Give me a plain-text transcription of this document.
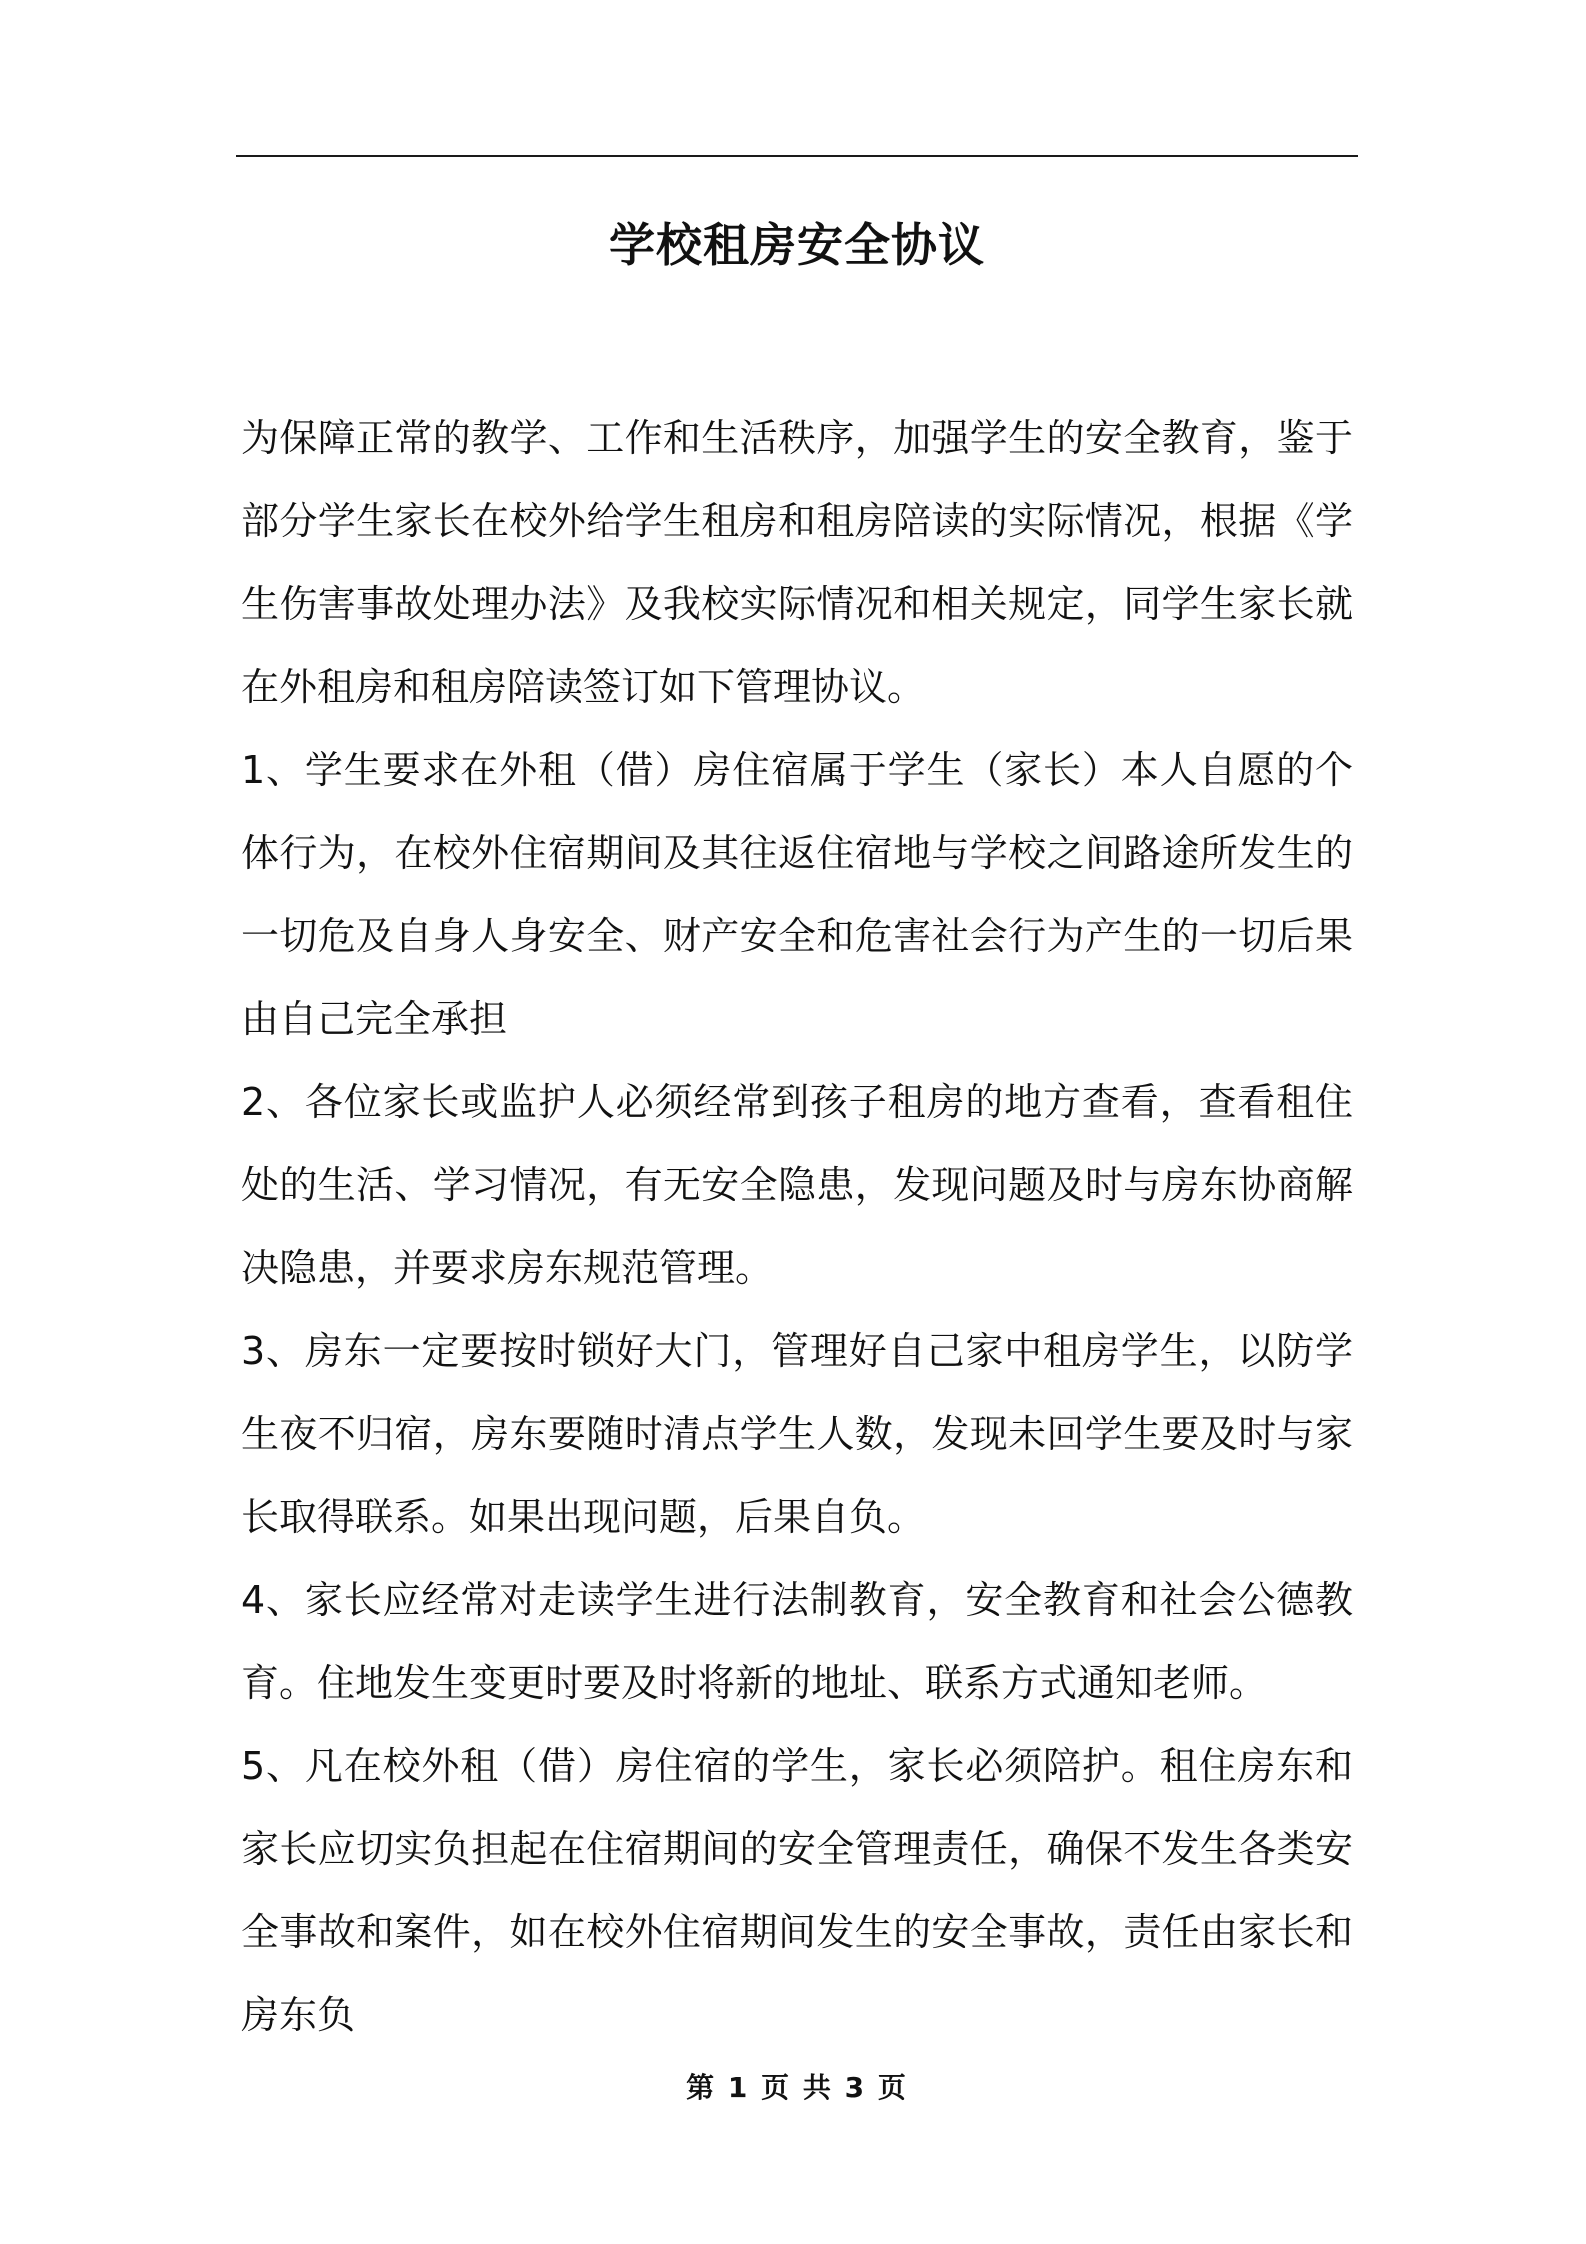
学校租房安全协议

为保障正常的教学、工作和生活秩序，加强学生的安全教育，鉴于部分学生家长在校外给学生租房和租房陪读的实际情况，根据《学生伤害事故处理办法》及我校实际情况和相关规定，同学生家长就在外租房和租房陪读签订如下管理协议。

1、学生要求在外租（借）房住宿属于学生（家长）本人自愿的个体行为，在校外住宿期间及其往返住宿地与学校之间路途所发生的一切危及自身人身安全、财产安全和危害社会行为产生的一切后果由自己完全承担

2、各位家长或监护人必须经常到孩子租房的地方查看，查看租住处的生活、学习情况，有无安全隐患，发现问题及时与房东协商解决隐患，并要求房东规范管理。

3、房东一定要按时锁好大门，管理好自己家中租房学生，以防学生夜不归宿，房东要随时清点学生人数，发现未回学生要及时与家长取得联系。如果出现问题，后果自负。

4、家长应经常对走读学生进行法制教育，安全教育和社会公德教育。住地发生变更时要及时将新的地址、联系方式通知老师。

5、凡在校外租（借）房住宿的学生，家长必须陪护。租住房东和家长应切实负担起在住宿期间的安全管理责任，确保不发生各类安全事故和案件，如在校外住宿期间发生的安全事故，责任由家长和房东负

第 1 页 共 3 页
